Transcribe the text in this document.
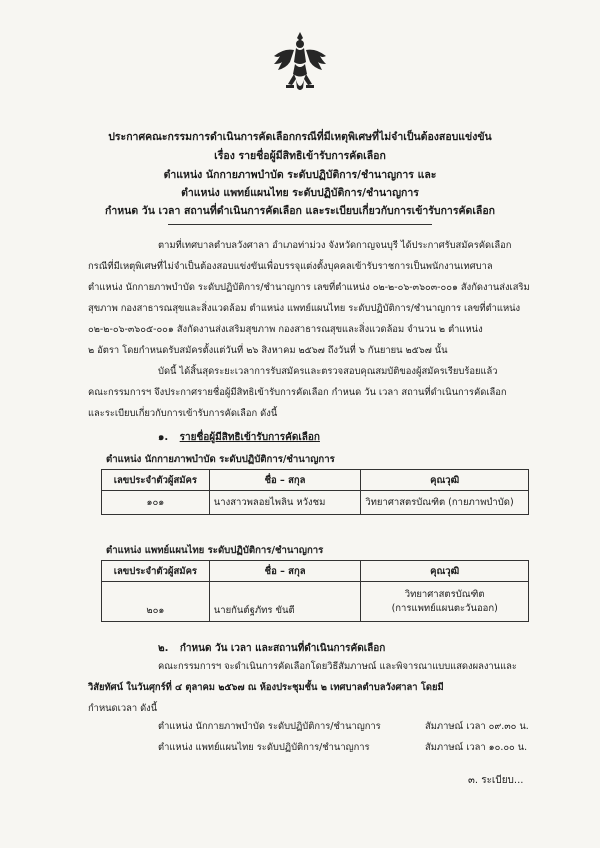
ประกาศคณะกรรมการดำเนินการคัดเลือกกรณีที่มีเหตุพิเศษที่ไม่จำเป็นต้องสอบแข่งขัน
เรื่อง รายชื่อผู้มีสิทธิเข้ารับการคัดเลือก
ตำแหน่ง นักกายภาพบำบัด ระดับปฏิบัติการ/ชำนาญการ และ
ตำแหน่ง แพทย์แผนไทย ระดับปฏิบัติการ/ชำนาญการ
กำหนด วัน เวลา สถานที่ดำเนินการคัดเลือก และระเบียบเกี่ยวกับการเข้ารับการคัดเลือก
ตามที่เทศบาลตำบลวังศาลา อำเภอท่าม่วง จังหวัดกาญจนบุรี ได้ประกาศรับสมัครคัดเลือก
กรณีที่มีเหตุพิเศษที่ไม่จำเป็นต้องสอบแข่งขันเพื่อบรรจุแต่งตั้งบุคคลเข้ารับราชการเป็นพนักงานเทศบาล
ตำแหน่ง นักกายภาพบำบัด ระดับปฏิบัติการ/ชำนาญการ เลขที่ตำแหน่ง ๐๒-๒-๐๖-๓๖๐๓-๐๐๑ สังกัดงานส่งเสริม
สุขภาพ กองสาธารณสุขและสิ่งแวดล้อม ตำแหน่ง แพทย์แผนไทย ระดับปฏิบัติการ/ชำนาญการ เลขที่ตำแหน่ง
๐๒-๒-๐๖-๓๖๐๕-๐๐๑ สังกัดงานส่งเสริมสุขภาพ กองสาธารณสุขและสิ่งแวดล้อม จำนวน ๒ ตำแหน่ง
๒ อัตรา โดยกำหนดรับสมัครตั้งแต่วันที่ ๒๖ สิงหาคม ๒๕๖๗ ถึงวันที่ ๖ กันยายน ๒๕๖๗ นั้น
บัดนี้ ได้สิ้นสุดระยะเวลาการรับสมัครและตรวจสอบคุณสมบัติของผู้สมัครเรียบร้อยแล้ว
คณะกรรมการฯ จึงประกาศรายชื่อผู้มีสิทธิเข้ารับการคัดเลือก กำหนด วัน เวลา สถานที่ดำเนินการคัดเลือก
และระเบียบเกี่ยวกับการเข้ารับการคัดเลือก ดังนี้
๑. รายชื่อผู้มีสิทธิเข้ารับการคัดเลือก
ตำแหน่ง นักกายภาพบำบัด ระดับปฏิบัติการ/ชำนาญการ
เลขประจำตัวผู้สมัคร	ชื่อ – สกุล	คุณวุฒิ
๑๐๑	นางสาวพลอยไพลิน หวังชม	วิทยาศาสตรบัณฑิต (กายภาพบำบัด)
ตำแหน่ง แพทย์แผนไทย ระดับปฏิบัติการ/ชำนาญการ
เลขประจำตัวผู้สมัคร	ชื่อ – สกุล	คุณวุฒิ
๒๐๑	นายกันต์ฐภัทร ขันตี	วิทยาศาสตรบัณฑิต
(การแพทย์แผนตะวันออก)
๒. กำหนด วัน เวลา และสถานที่ดำเนินการคัดเลือก
คณะกรรมการฯ จะดำเนินการคัดเลือกโดยวิธีสัมภาษณ์ และพิจารณาแบบแสดงผลงานและ
วิสัยทัศน์ ในวันศุกร์ที่ ๔ ตุลาคม ๒๕๖๗ ณ ห้องประชุมชั้น ๒ เทศบาลตำบลวังศาลา โดยมี
กำหนดเวลา ดังนี้
ตำแหน่ง นักกายภาพบำบัด ระดับปฏิบัติการ/ชำนาญการ	สัมภาษณ์ เวลา ๐๙.๓๐ น.
ตำแหน่ง แพทย์แผนไทย ระดับปฏิบัติการ/ชำนาญการ	สัมภาษณ์ เวลา ๑๐.๐๐ น.
๓. ระเบียบ...
